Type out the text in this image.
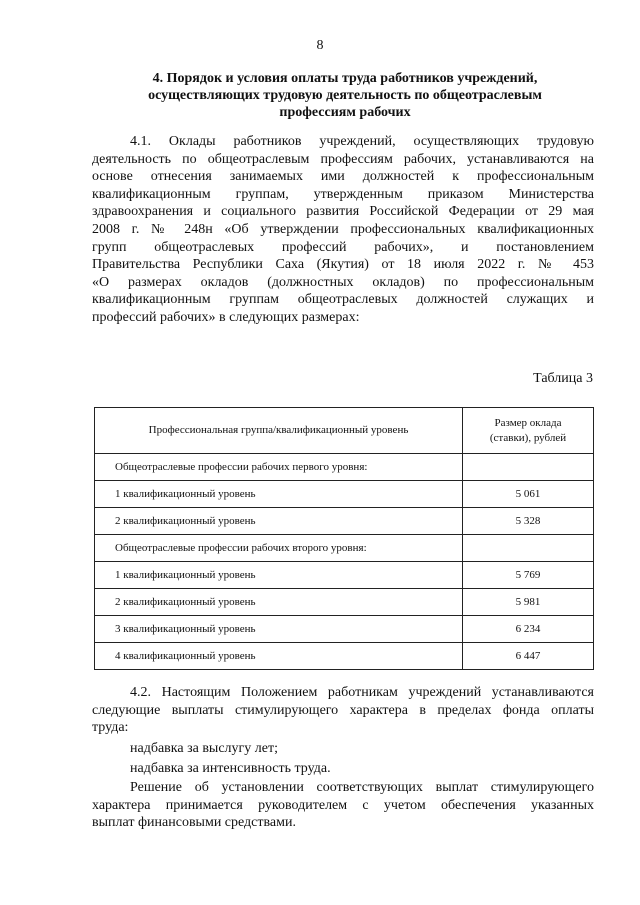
8
4. Порядок и условия оплаты труда работников учреждений,
осуществляющих трудовую деятельность по общеотраслевым
профессиям рабочих
4.1. Оклады работников учреждений, осуществляющих трудовую
деятельность по общеотраслевым профессиям рабочих, устанавливаются на
основе отнесения занимаемых ими должностей к профессиональным
квалификационным группам, утвержденным приказом Министерства
здравоохранения и социального развития Российской Федерации от 29 мая
2008 г. № 248н «Об утверждении профессиональных квалификационных
групп общеотраслевых профессий рабочих», и постановлением
Правительства Республики Саха (Якутия) от 18 июля 2022 г. № 453
«О размерах окладов (должностных окладов) по профессиональным
квалификационным группам общеотраслевых должностей служащих и
профессий рабочих» в следующих размерах:
Таблица 3
Профессиональная группа/квалификационный уровень	Размер оклада
(ставки), рублей

Общеотраслевые профессии рабочих первого уровня:	
1 квалификационный уровень	5 061
2 квалификационный уровень	5 328
Общеотраслевые профессии рабочих второго уровня:	
1 квалификационный уровень	5 769
2 квалификационный уровень	5 981
3 квалификационный уровень	6 234
4 квалификационный уровень	6 447
4.2. Настоящим Положением работникам учреждений устанавливаются
следующие выплаты стимулирующего характера в пределах фонда оплаты
труда:
надбавка за выслугу лет;
надбавка за интенсивность труда.
Решение об установлении соответствующих выплат стимулирующего
характера принимается руководителем с учетом обеспечения указанных
выплат финансовыми средствами.
